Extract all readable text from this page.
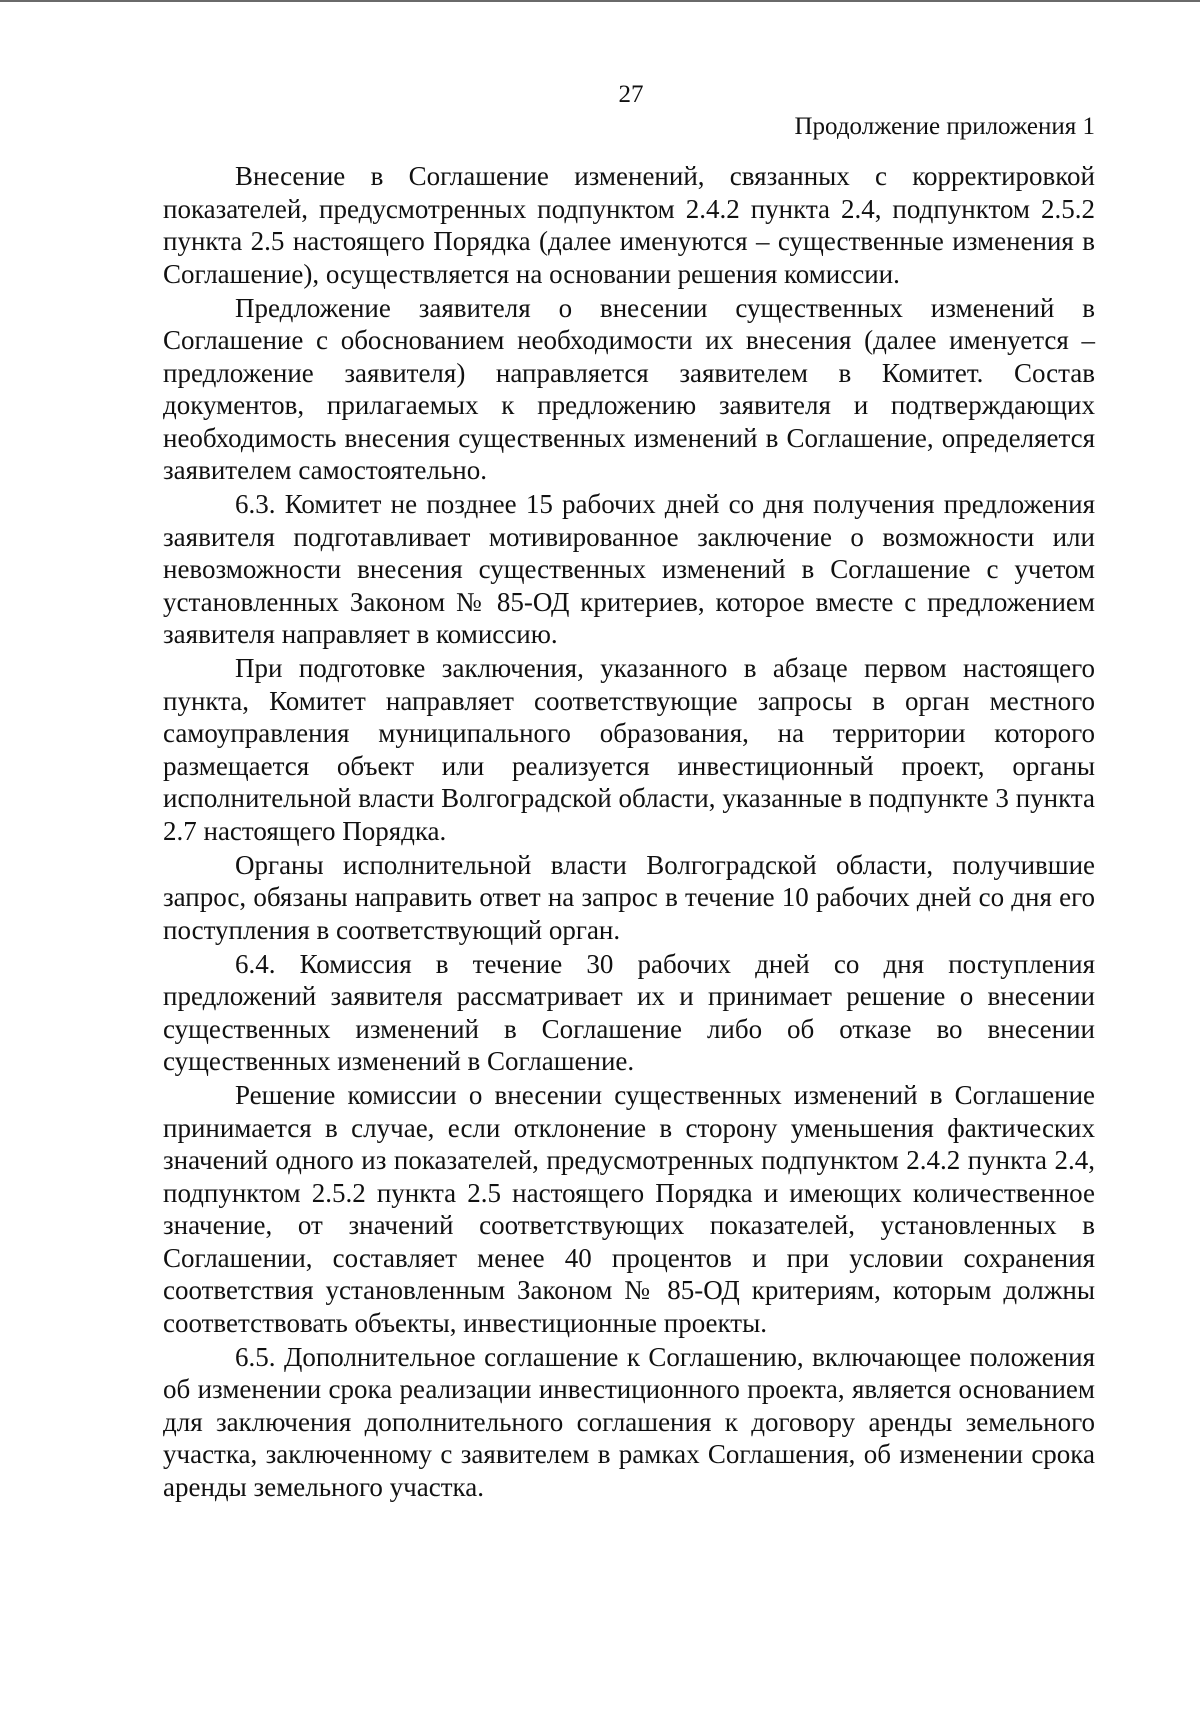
27

Продолжение приложения 1

Внесение в Соглашение изменений, связанных с корректировкой показателей, предусмотренных подпунктом 2.4.2 пункта 2.4, подпунктом 2.5.2 пункта 2.5 настоящего Порядка (далее именуются – существенные изменения в Соглашение), осуществляется на основании решения комиссии.

Предложение заявителя о внесении существенных изменений в Соглашение с обоснованием необходимости их внесения (далее именуется – предложение заявителя) направляется заявителем в Комитет. Состав документов, прилагаемых к предложению заявителя и подтверждающих необходимость внесения существенных изменений в Соглашение, определяется заявителем самостоятельно.

6.3. Комитет не позднее 15 рабочих дней со дня получения предложения заявителя подготавливает мотивированное заключение о возможности или невозможности внесения существенных изменений в Соглашение с учетом установленных Законом № 85-ОД критериев, которое вместе с предложением заявителя направляет в комиссию.

При подготовке заключения, указанного в абзаце первом настоящего пункта, Комитет направляет соответствующие запросы в орган местного самоуправления муниципального образования, на территории которого размещается объект или реализуется инвестиционный проект, органы исполнительной власти Волгоградской области, указанные в подпункте 3 пункта 2.7 настоящего Порядка.

Органы исполнительной власти Волгоградской области, получившие запрос, обязаны направить ответ на запрос в течение 10 рабочих дней со дня его поступления в соответствующий орган.

6.4. Комиссия в течение 30 рабочих дней со дня поступления предложений заявителя рассматривает их и принимает решение о внесении существенных изменений в Соглашение либо об отказе во внесении существенных изменений в Соглашение.

Решение комиссии о внесении существенных изменений в Соглашение принимается в случае, если отклонение в сторону уменьшения фактических значений одного из показателей, предусмотренных подпунктом 2.4.2 пункта 2.4, подпунктом 2.5.2 пункта 2.5 настоящего Порядка и имеющих количественное значение, от значений соответствующих показателей, установленных в Соглашении, составляет менее 40 процентов и при условии сохранения соответствия установленным Законом № 85-ОД критериям, которым должны соответствовать объекты, инвестиционные проекты.

6.5. Дополнительное соглашение к Соглашению, включающее положения об изменении срока реализации инвестиционного проекта, является основанием для заключения дополнительного соглашения к договору аренды земельного участка, заключенному с заявителем в рамках Соглашения, об изменении срока аренды земельного участка.
